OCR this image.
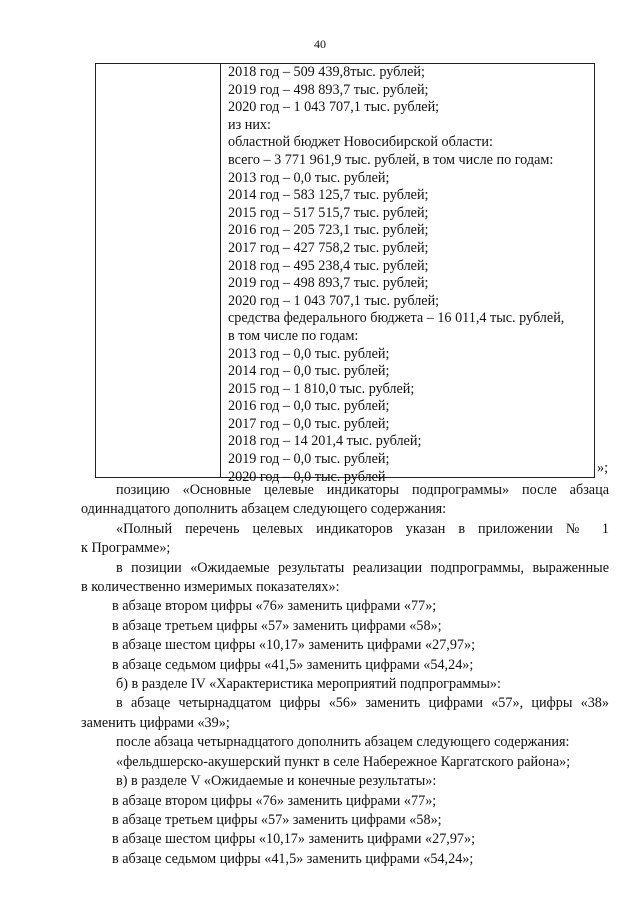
40
2018 год – 509 439,8тыс. рублей;
2019 год – 498 893,7 тыс. рублей;
2020 год – 1 043 707,1 тыс. рублей;
из них:
областной бюджет Новосибирской области:
всего – 3 771 961,9 тыс. рублей, в том числе по годам:
2013 год – 0,0 тыс. рублей;
2014 год – 583 125,7 тыс. рублей;
2015 год – 517 515,7 тыс. рублей;
2016 год – 205 723,1 тыс. рублей;
2017 год – 427 758,2 тыс. рублей;
2018 год – 495 238,4 тыс. рублей;
2019 год – 498 893,7 тыс. рублей;
2020 год – 1 043 707,1 тыс. рублей;
средства федерального бюджета – 16 011,4 тыс. рублей,
в том числе по годам:
2013 год – 0,0 тыс. рублей;
2014 год – 0,0 тыс. рублей;
2015 год – 1 810,0 тыс. рублей;
2016 год – 0,0 тыс. рублей;
2017 год – 0,0 тыс. рублей;
2018 год – 14 201,4 тыс. рублей;
2019 год – 0,0 тыс. рублей;
2020 год – 0,0 тыс. рублей
»;
позицию «Основные целевые индикаторы подпрограммы» после абзаца
одиннадцатого дополнить абзацем следующего содержания:
«Полный перечень целевых индикаторов указан в приложении № 1
к Программе»;
в позиции «Ожидаемые результаты реализации подпрограммы, выраженные
в количественно измеримых показателях»:
в абзаце втором цифры «76» заменить цифрами «77»;
в абзаце третьем цифры «57» заменить цифрами «58»;
в абзаце шестом цифры «10,17» заменить цифрами «27,97»;
в абзаце седьмом цифры «41,5» заменить цифрами «54,24»;
б) в разделе IV «Характеристика мероприятий подпрограммы»:
в абзаце четырнадцатом цифры «56» заменить цифрами «57», цифры «38»
заменить цифрами «39»;
после абзаца четырнадцатого дополнить абзацем следующего содержания:
«фельдшерско-акушерский пункт в селе Набережное Каргатского района»;
в) в разделе V «Ожидаемые и конечные результаты»:
в абзаце втором цифры «76» заменить цифрами «77»;
в абзаце третьем цифры «57» заменить цифрами «58»;
в абзаце шестом цифры «10,17» заменить цифрами «27,97»;
в абзаце седьмом цифры «41,5» заменить цифрами «54,24»;
